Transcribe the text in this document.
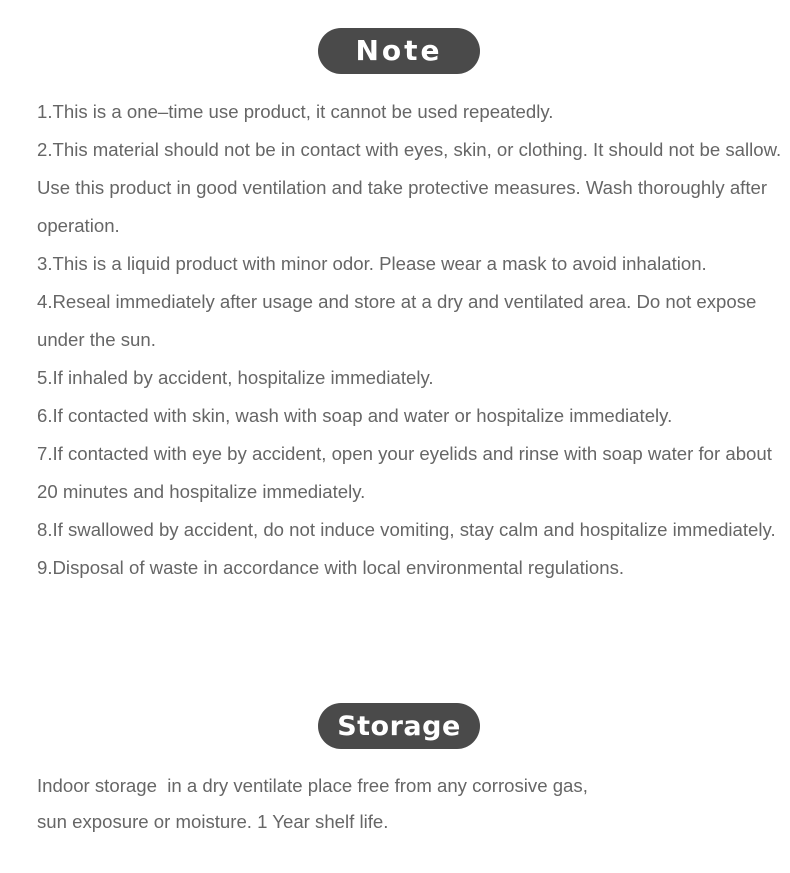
Note
1.This is a one–time use product, it cannot be used repeatedly.
2.This material should not be in contact with eyes, skin, or clothing. It should not be sallow. Use this product in good ventilation and take protective measures. Wash thoroughly after operation.
3.This is a liquid product with minor odor. Please wear a mask to avoid inhalation.
4.Reseal immediately after usage and store at a dry and ventilated area. Do not expose under the sun.
5.If inhaled by accident, hospitalize immediately.
6.If contacted with skin, wash with soap and water or hospitalize immediately.
7.If contacted with eye by accident, open your eyelids and rinse with soap water for about 20 minutes and hospitalize immediately.
8.If swallowed by accident, do not induce vomiting, stay calm and hospitalize immediately.
9.Disposal of waste in accordance with local environmental regulations.
Storage
Indoor storage  in a dry ventilate place free from any corrosive gas,
sun exposure or moisture. 1 Year shelf life.
